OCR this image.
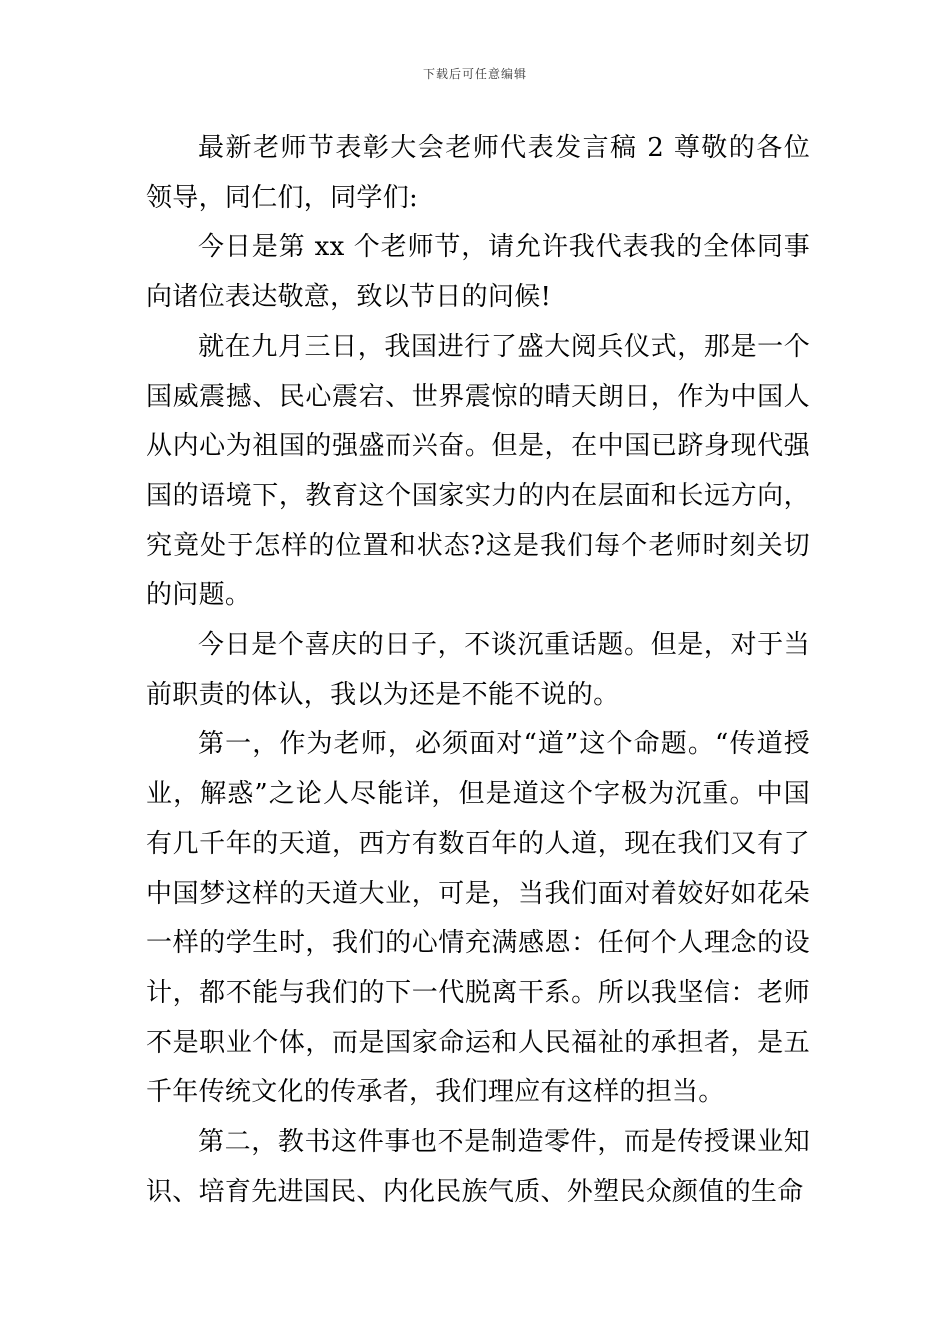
下载后可任意编辑

最新老师节表彰大会老师代表发言稿 2 尊敬的各位领导，同仁们，同学们:

今日是第 xx 个老师节，请允许我代表我的全体同事向诸位表达敬意，致以节日的问候!

就在九月三日，我国进行了盛大阅兵仪式，那是一个国威震撼、民心震宕、世界震惊的晴天朗日，作为中国人从内心为祖国的强盛而兴奋。但是，在中国已跻身现代强国的语境下，教育这个国家实力的内在层面和长远方向，究竟处于怎样的位置和状态?这是我们每个老师时刻关切的问题。

今日是个喜庆的日子，不谈沉重话题。但是，对于当前职责的体认，我以为还是不能不说的。

第一，作为老师，必须面对“道”这个命题。“传道授业，解惑”之论人尽能详，但是道这个字极为沉重。中国有几千年的天道，西方有数百年的人道，现在我们又有了中国梦这样的天道大业，可是，当我们面对着姣好如花朵一样的学生时，我们的心情充满感恩：任何个人理念的设计，都不能与我们的下一代脱离干系。所以我坚信：老师不是职业个体，而是国家命运和人民福祉的承担者，是五千年传统文化的传承者，我们理应有这样的担当。

第二，教书这件事也不是制造零件，而是传授课业知识、培育先进国民、内化民族气质、外塑民众颜值的生命
